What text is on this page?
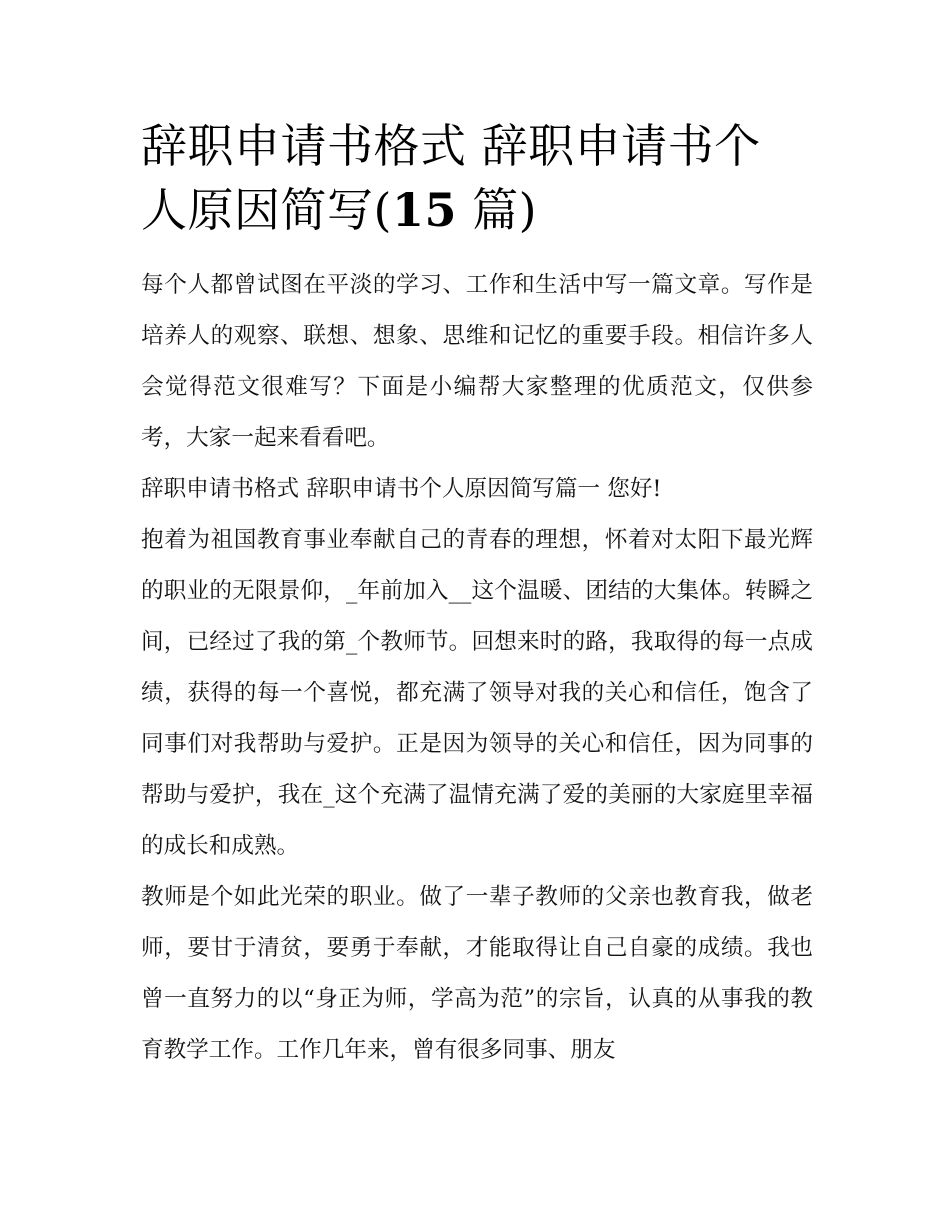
辞职申请书格式 辞职申请书个
人原因简写(15 篇)

每个人都曾试图在平淡的学习、工作和生活中写一篇文章。写作是培养人的观察、联想、想象、思维和记忆的重要手段。相信许多人会觉得范文很难写？下面是小编帮大家整理的优质范文，仅供参考，大家一起来看看吧。

辞职申请书格式 辞职申请书个人原因简写篇一 您好!

抱着为祖国教育事业奉献自己的青春的理想，怀着对太阳下最光辉的职业的无限景仰，_年前加入__这个温暖、团结的大集体。转瞬之间，已经过了我的第_个教师节。回想来时的路，我取得的每一点成绩，获得的每一个喜悦，都充满了领导对我的关心和信任，饱含了同事们对我帮助与爱护。正是因为领导的关心和信任，因为同事的帮助与爱护，我在_这个充满了温情充满了爱的美丽的大家庭里幸福的成长和成熟。

教师是个如此光荣的职业。做了一辈子教师的父亲也教育我，做老师，要甘于清贫，要勇于奉献，才能取得让自己自豪的成绩。我也曾一直努力的以“身正为师，学高为范”的宗旨，认真的从事我的教育教学工作。工作几年来，曾有很多同事、朋友
